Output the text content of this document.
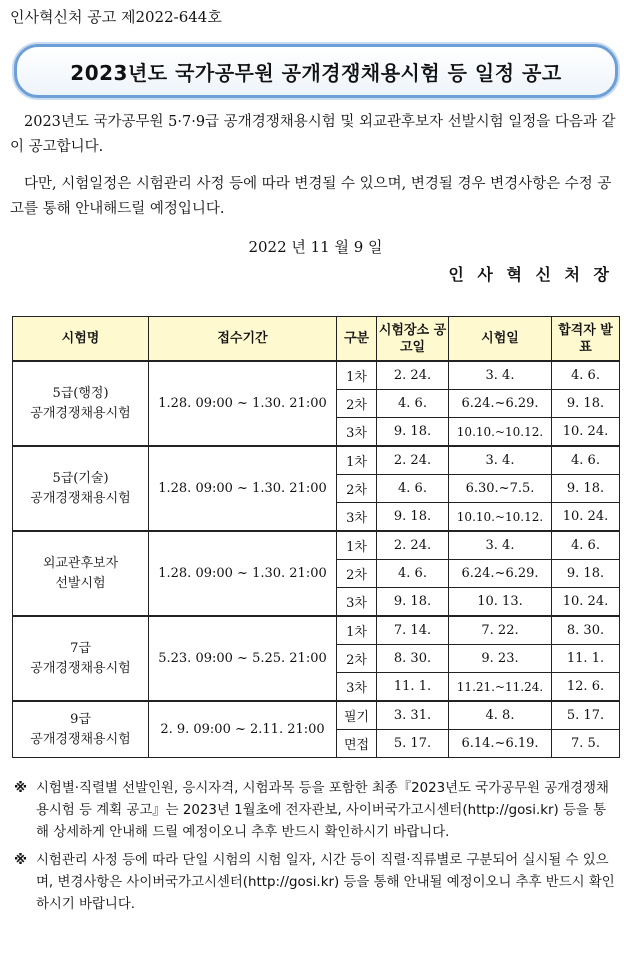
인사혁신처 공고 제2022-644호
2023년도 국가공무원 공개경쟁채용시험 등 일정 공고
2023년도 국가공무원 5·7·9급 공개경쟁채용시험 및 외교관후보자 선발시험 일정을 다음과 같이 공고합니다.
다만, 시험일정은 시험관리 사정 등에 따라 변경될 수 있으며, 변경될 경우 변경사항은 수정 공고를 통해 안내해드릴 예정입니다.
2022 년 11 월 9 일
인 사 혁 신 처 장
시험명	접수기간	구분	시험장소 공고일	시험일	합격자 발표

5급(행정)
공개경쟁채용시험	1.28. 09:00 ~ 1.30. 21:00	1차	2. 24.	3. 4.	4. 6.
		2차	4. 6.	6.24.~6.29.	9. 18.
		3차	9. 18.	10.10.~10.12.	10. 24.

5급(기술)
공개경쟁채용시험	1.28. 09:00 ~ 1.30. 21:00	1차	2. 24.	3. 4.	4. 6.
		2차	4. 6.	6.30.~7.5.	9. 18.
		3차	9. 18.	10.10.~10.12.	10. 24.

외교관후보자
선발시험	1.28. 09:00 ~ 1.30. 21:00	1차	2. 24.	3. 4.	4. 6.
		2차	4. 6.	6.24.~6.29.	9. 18.
		3차	9. 18.	10. 13.	10. 24.

7급
공개경쟁채용시험	5.23. 09:00 ~ 5.25. 21:00	1차	7. 14.	7. 22.	8. 30.
		2차	8. 30.	9. 23.	11. 1.
		3차	11. 1.	11.21.~11.24.	12. 6.

9급
공개경쟁채용시험	2. 9. 09:00 ~ 2.11. 21:00	필기	3. 31.	4. 8.	5. 17.
		면접	5. 17.	6.14.~6.19.	7. 5.
※ 시험별·직렬별 선발인원, 응시자격, 시험과목 등을 포함한 최종『2023년도 국가공무원 공개경쟁채용시험 등 계획 공고』는 2023년 1월초에 전자관보, 사이버국가고시센터(http://gosi.kr) 등을 통해 상세하게 안내해 드릴 예정이오니 추후 반드시 확인하시기 바랍니다.
※ 시험관리 사정 등에 따라 단일 시험의 시험 일자, 시간 등이 직렬·직류별로 구분되어 실시될 수 있으며, 변경사항은 사이버국가고시센터(http://gosi.kr) 등을 통해 안내될 예정이오니 추후 반드시 확인하시기 바랍니다.
